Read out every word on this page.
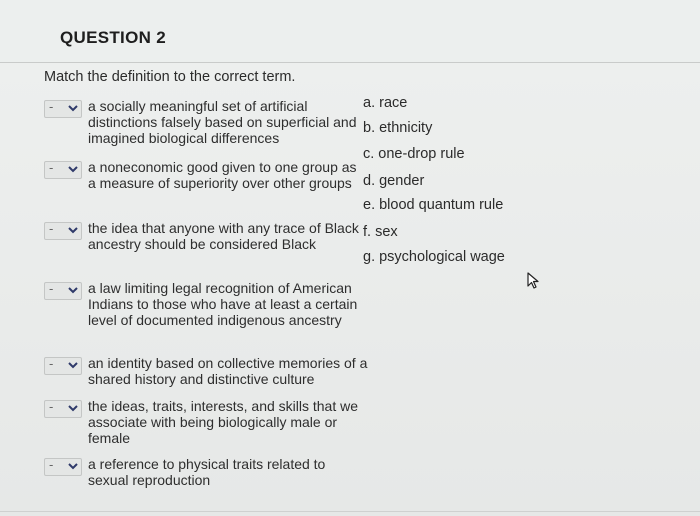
QUESTION 2
Match the definition to the correct term.
- a socially meaningful set of artificial distinctions falsely based on superficial and imagined biological differences
- a noneconomic good given to one group as a measure of superiority over other groups
- the idea that anyone with any trace of Black ancestry should be considered Black
- a law limiting legal recognition of American Indians to those who have at least a certain level of documented indigenous ancestry
- an identity based on collective memories of a shared history and distinctive culture
- the ideas, traits, interests, and skills that we associate with being biologically male or female
- a reference to physical traits related to sexual reproduction
a. race
b. ethnicity
c. one-drop rule
d. gender
e. blood quantum rule
f. sex
g. psychological wage
